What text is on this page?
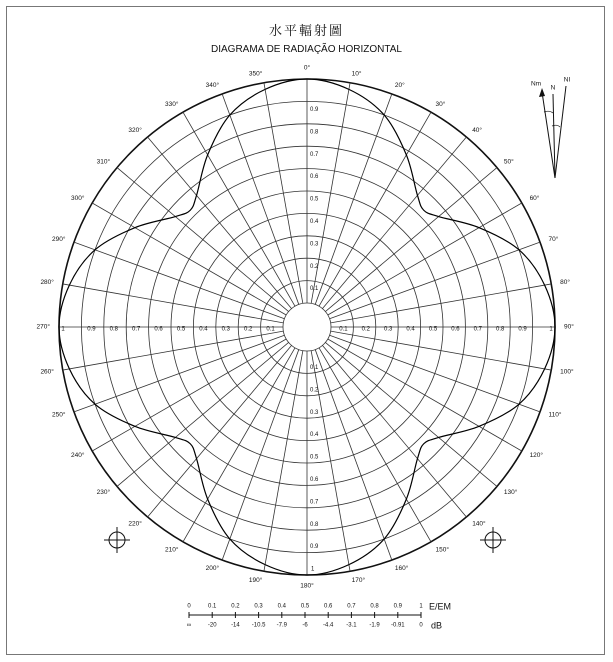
水平輻射圖
DIAGRAMA DE RADIAÇÃO HORIZONTAL
0.1
0.1
0.1
0.1
0.2
0.2
0.2
0.2
0.3
0.3
0.3
0.3
0.4
0.4
0.4
0.4
0.5
0.5
0.5
0.5
0.6
0.6
0.6
0.6
0.7
0.7
0.7
0.7
0.8
0.8
0.8
0.8
0.9
0.9
0.9
0.9
1
1
1
0°
10°
20°
30°
40°
50°
60°
70°
80°
90°
100°
110°
120°
130°
140°
150°
160°
170°
180°
190°
200°
210°
220°
230°
240°
250°
260°
270°
280°
290°
300°
310°
320°
330°
340°
350°
Nm
N
NI
0
∞
0.1
-20
0.2
-14
0.3
-10.5
0.4
-7.9
0.5
-6
0.6
-4.4
0.7
-3.1
0.8
-1.9
0.9
-0.91
1
0
E/EM
dB
